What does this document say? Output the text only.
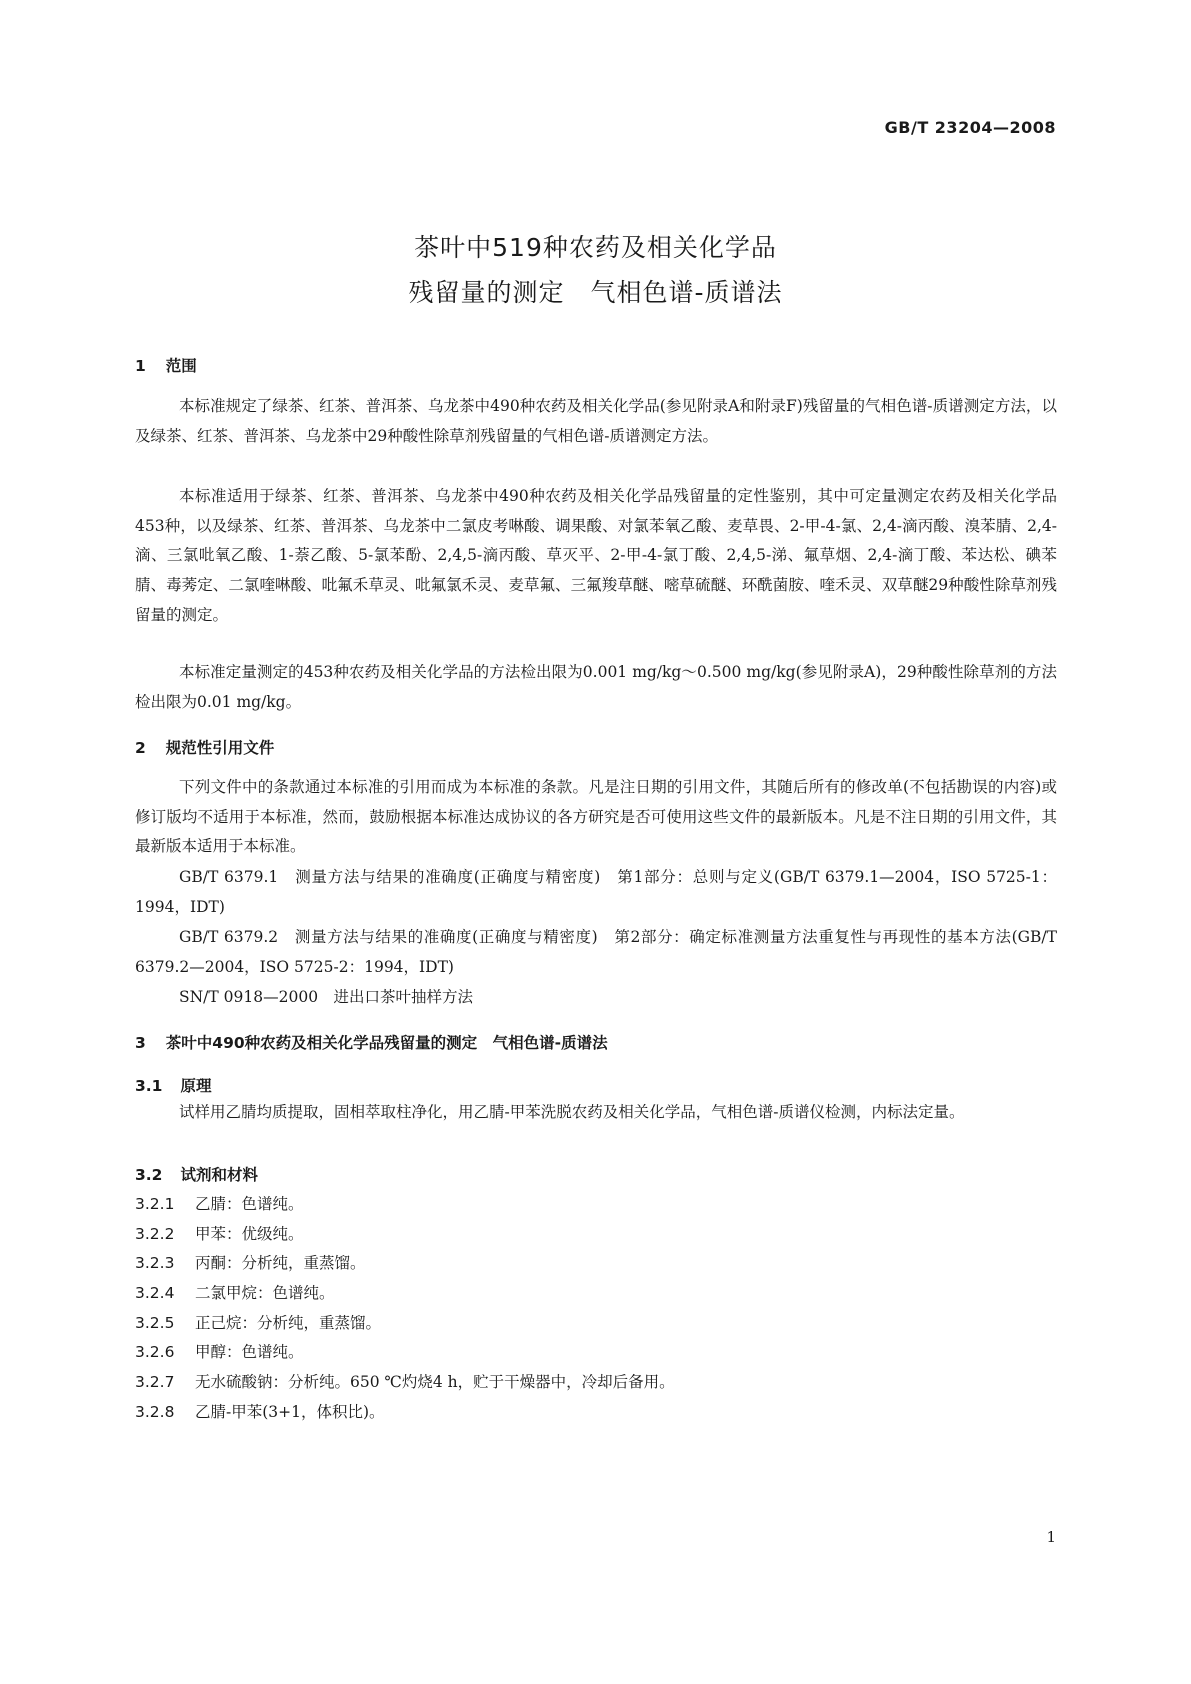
GB/T 23204—2008
茶叶中519种农药及相关化学品
残留量的测定　气相色谱-质谱法
1 范围

本标准规定了绿茶、红茶、普洱茶、乌龙茶中490种农药及相关化学品(参见附录A和附录F)残留量的气相色谱-质谱测定方法，以及绿茶、红茶、普洱茶、乌龙茶中29种酸性除草剂残留量的气相色谱-质谱测定方法。

本标准适用于绿茶、红茶、普洱茶、乌龙茶中490种农药及相关化学品残留量的定性鉴别，其中可定量测定农药及相关化学品453种，以及绿茶、红茶、普洱茶、乌龙茶中二氯皮考啉酸、调果酸、对氯苯氧乙酸、麦草畏、2-甲-4-氯、2,4-滴丙酸、溴苯腈、2,4-滴、三氯吡氧乙酸、1-萘乙酸、5-氯苯酚、2,4,5-滴丙酸、草灭平、2-甲-4-氯丁酸、2,4,5-涕、氟草烟、2,4-滴丁酸、苯达松、碘苯腈、毒莠定、二氯喹啉酸、吡氟禾草灵、吡氟氯禾灵、麦草氟、三氟羧草醚、嘧草硫醚、环酰菌胺、喹禾灵、双草醚29种酸性除草剂残留量的测定。

本标准定量测定的453种农药及相关化学品的方法检出限为0.001 mg/kg～0.500 mg/kg(参见附录A)，29种酸性除草剂的方法检出限为0.01 mg/kg。

2 规范性引用文件

下列文件中的条款通过本标准的引用而成为本标准的条款。凡是注日期的引用文件，其随后所有的修改单(不包括勘误的内容)或修订版均不适用于本标准，然而，鼓励根据本标准达成协议的各方研究是否可使用这些文件的最新版本。凡是不注日期的引用文件，其最新版本适用于本标准。

GB/T 6379.1　测量方法与结果的准确度(正确度与精密度)　第1部分：总则与定义(GB/T 6379.1—2004，ISO 5725-1：1994，IDT)

GB/T 6379.2　测量方法与结果的准确度(正确度与精密度)　第2部分：确定标准测量方法重复性与再现性的基本方法(GB/T 6379.2—2004，ISO 5725-2：1994，IDT)

SN/T 0918—2000　进出口茶叶抽样方法

3 茶叶中490种农药及相关化学品残留量的测定　气相色谱-质谱法
3.1 原理

试样用乙腈均质提取，固相萃取柱净化，用乙腈-甲苯洗脱农药及相关化学品，气相色谱-质谱仪检测，内标法定量。

3.2 试剂和材料
3.2.1 乙腈：色谱纯。
3.2.2 甲苯：优级纯。
3.2.3 丙酮：分析纯，重蒸馏。
3.2.4 二氯甲烷：色谱纯。
3.2.5 正己烷：分析纯，重蒸馏。
3.2.6 甲醇：色谱纯。
3.2.7 无水硫酸钠：分析纯。650 ℃灼烧4 h，贮于干燥器中，冷却后备用。
3.2.8 乙腈-甲苯(3+1，体积比)。
1
